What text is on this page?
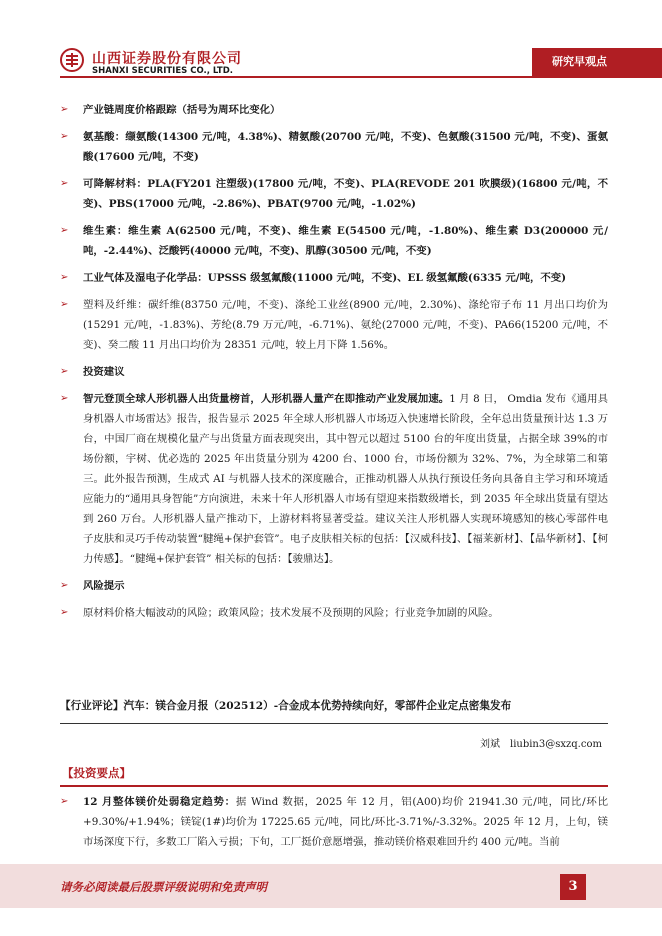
山西证券股份有限公司
SHANXI SECURITIES CO., LTD.
研究早观点
➢ 产业链周度价格跟踪（括号为周环比变化）
➢ 氨基酸：缬氨酸(14300 元/吨，4.38%)、精氨酸(20700 元/吨，不变)、色氨酸(31500 元/吨，不变)、蛋氨酸(17600 元/吨，不变)
➢ 可降解材料：PLA(FY201 注塑级)(17800 元/吨，不变)、PLA(REVODE 201 吹膜级)(16800 元/吨，不变)、PBS(17000 元/吨，-2.86%)、PBAT(9700 元/吨，-1.02%)
➢ 维生素：维生素 A(62500 元/吨，不变)、维生素 E(54500 元/吨，-1.80%)、维生素 D3(200000 元/吨，-2.44%)、泛酸钙(40000 元/吨，不变)、肌醇(30500 元/吨，不变)
➢ 工业气体及湿电子化学品：UPSSS 级氢氟酸(11000 元/吨，不变)、EL 级氢氟酸(6335 元/吨，不变)
➢ 塑料及纤维：碳纤维(83750 元/吨，不变)、涤纶工业丝(8900 元/吨，2.30%)、涤纶帘子布 11 月出口均价为(15291 元/吨，-1.83%)、芳纶(8.79 万元/吨，-6.71%)、氨纶(27000 元/吨，不变)、PA66(15200 元/吨，不变)、癸二酸 11 月出口均价为 28351 元/吨，较上月下降 1.56%。
➢ 投资建议
➢ 智元登顶全球人形机器人出货量榜首，人形机器人量产在即推动产业发展加速。1 月 8 日， Omdia 发布《通用具身机器人市场雷达》报告，报告显示 2025 年全球人形机器人市场迈入快速增长阶段，全年总出货量预计达 1.3 万台，中国厂商在规模化量产与出货量方面表现突出，其中智元以超过 5100 台的年度出货量，占据全球 39%的市场份额，宇树、优必选的 2025 年出货量分别为 4200 台、1000 台，市场份额为 32%、7%，为全球第二和第三。此外报告预测，生成式 AI 与机器人技术的深度融合，正推动机器人从执行预设任务向具备自主学习和环境适应能力的“通用具身智能”方向演进，未来十年人形机器人市场有望迎来指数级增长，到 2035 年全球出货量有望达到 260 万台。人形机器人量产推动下，上游材料将显著受益。建议关注人形机器人实现环境感知的核心零部件电子皮肤和灵巧手传动装置“腱绳+保护套管”。电子皮肤相关标的包括：【汉威科技】、【福莱新材】、【晶华新材】、【柯力传感】。“腱绳+保护套管” 相关标的包括：【骏鼎达】。
➢ 风险提示
➢ 原材料价格大幅波动的风险；政策风险；技术发展不及预期的风险；行业竞争加剧的风险。
【行业评论】汽车：镁合金月报（202512）-合金成本优势持续向好，零部件企业定点密集发布
刘斌　liubin3@sxzq.com
【投资要点】
➢ 12 月整体镁价处弱稳定趋势：据 Wind 数据，2025 年 12 月，铝(A00)均价 21941.30 元/吨，同比/环比+9.30%/+1.94%；镁锭(1#)均价为 17225.65 元/吨，同比/环比-3.71%/-3.32%。2025 年 12 月，上旬，镁市场深度下行，多数工厂陷入亏损；下旬，工厂挺价意愿增强，推动镁价格艰难回升约 400 元/吨。当前
请务必阅读最后股票评级说明和免责声明	3
